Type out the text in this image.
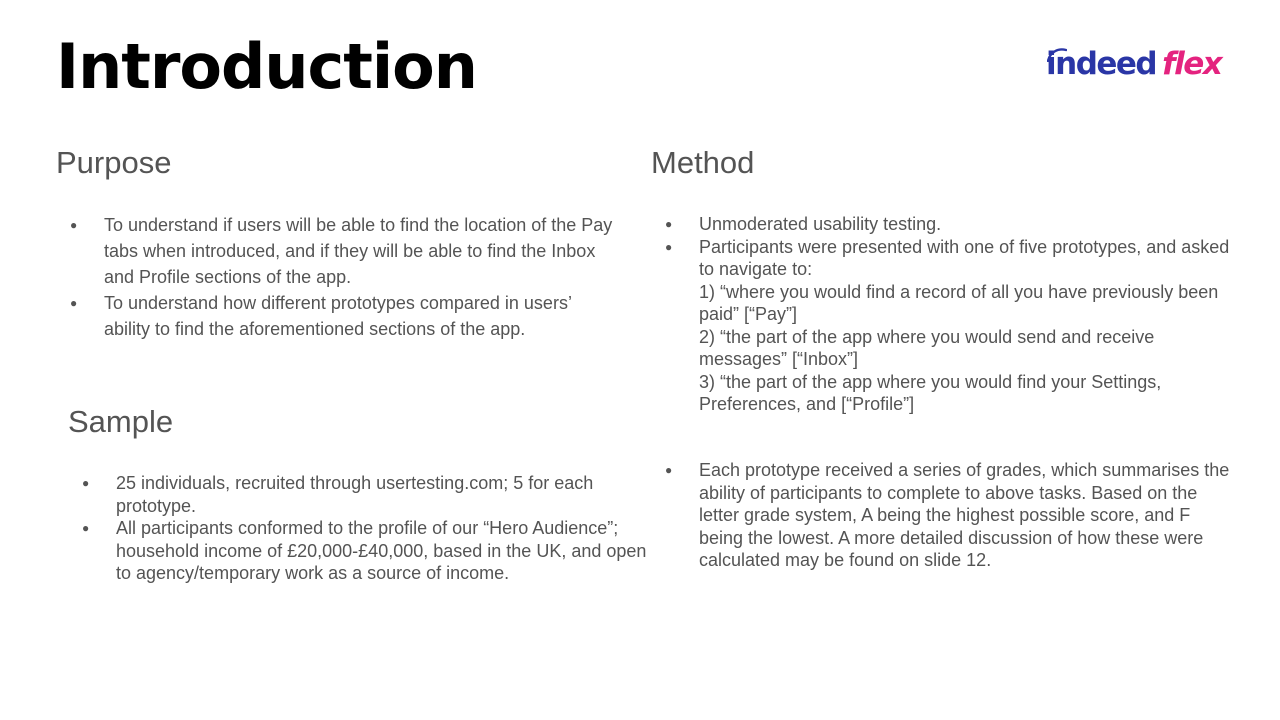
Introduction	indeed flex
Purpose
● To understand if users will be able to find the location of the Pay tabs when introduced, and if they will be able to find the Inbox and Profile sections of the app.
● To understand how different prototypes compared in users’ ability to find the aforementioned sections of the app.
Sample
● 25 individuals, recruited through usertesting.com; 5 for each prototype.
● All participants conformed to the profile of our “Hero Audience”; household income of £20,000-£40,000, based in the UK, and open to agency/temporary work as a source of income.
Method
● Unmoderated usability testing.
● Participants were presented with one of five prototypes, and asked to navigate to:
1) “where you would find a record of all you have previously been paid” [“Pay”]
2) “the part of the app where you would send and receive messages” [“Inbox”]
3) “the part of the app where you would find your Settings, Preferences, and [“Profile”]
● Each prototype received a series of grades, which summarises the ability of participants to complete to above tasks. Based on the letter grade system, A being the highest possible score, and F being the lowest. A more detailed discussion of how these were calculated may be found on slide 12.
